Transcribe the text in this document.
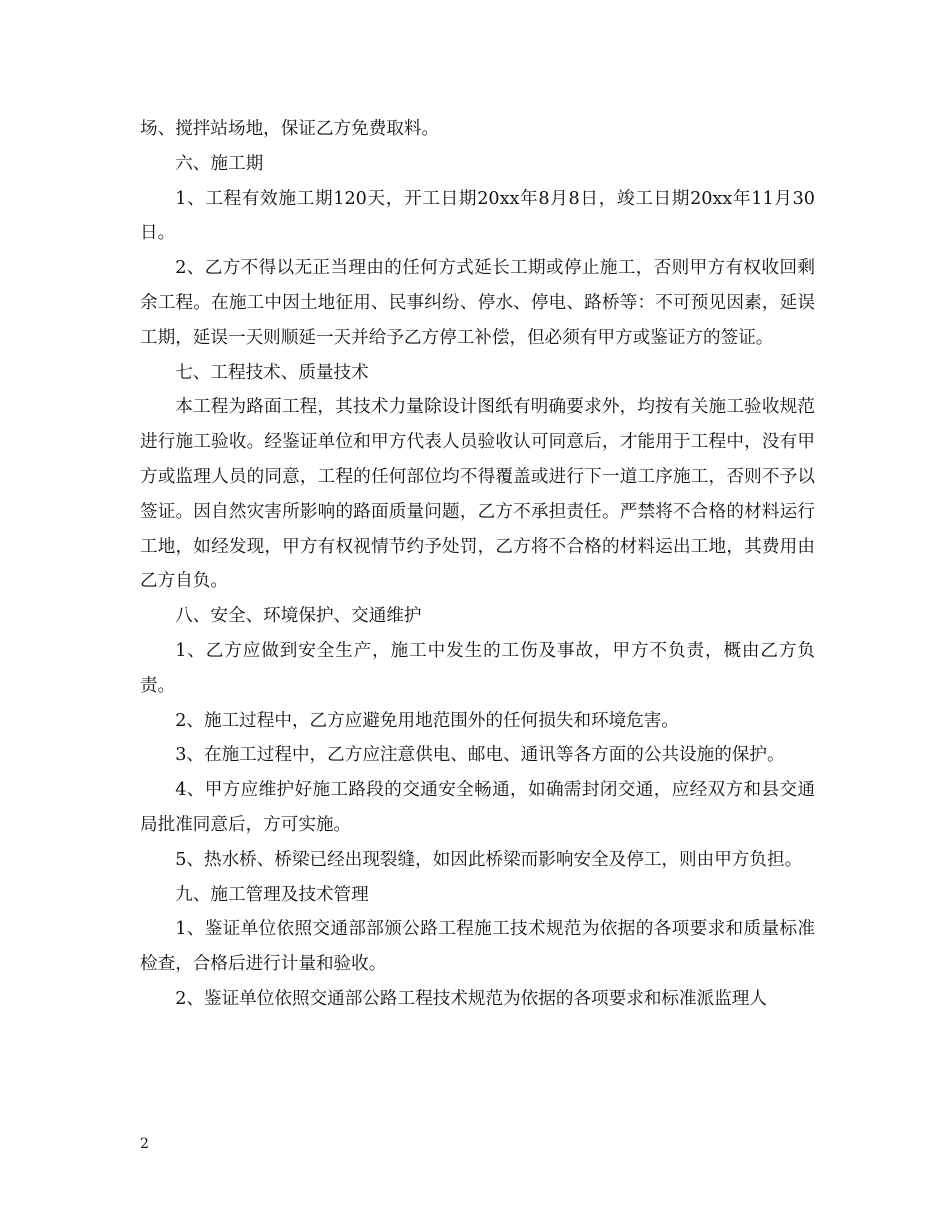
场、搅拌站场地，保证乙方免费取料。

六、施工期

1、工程有效施工期120天，开工日期20xx年8月8日，竣工日期20xx年11月30日。

2、乙方不得以无正当理由的任何方式延长工期或停止施工，否则甲方有权收回剩余工程。在施工中因土地征用、民事纠纷、停水、停电、路桥等：不可预见因素，延误工期，延误一天则顺延一天并给予乙方停工补偿，但必须有甲方或鉴证方的签证。

七、工程技术、质量技术

本工程为路面工程，其技术力量除设计图纸有明确要求外，均按有关施工验收规范进行施工验收。经鉴证单位和甲方代表人员验收认可同意后，才能用于工程中，没有甲方或监理人员的同意，工程的任何部位均不得覆盖或进行下一道工序施工，否则不予以签证。因自然灾害所影响的路面质量问题，乙方不承担责任。严禁将不合格的材料运行工地，如经发现，甲方有权视情节约予处罚，乙方将不合格的材料运出工地，其费用由乙方自负。

八、安全、环境保护、交通维护

1、乙方应做到安全生产，施工中发生的工伤及事故，甲方不负责，概由乙方负责。

2、施工过程中，乙方应避免用地范围外的任何损失和环境危害。

3、在施工过程中，乙方应注意供电、邮电、通讯等各方面的公共设施的保护。

4、甲方应维护好施工路段的交通安全畅通，如确需封闭交通，应经双方和县交通局批准同意后，方可实施。

5、热水桥、桥梁已经出现裂缝，如因此桥梁而影响安全及停工，则由甲方负担。

九、施工管理及技术管理

1、鉴证单位依照交通部部颁公路工程施工技术规范为依据的各项要求和质量标准检查，合格后进行计量和验收。

2、鉴证单位依照交通部公路工程技术规范为依据的各项要求和标准派监理人

2
